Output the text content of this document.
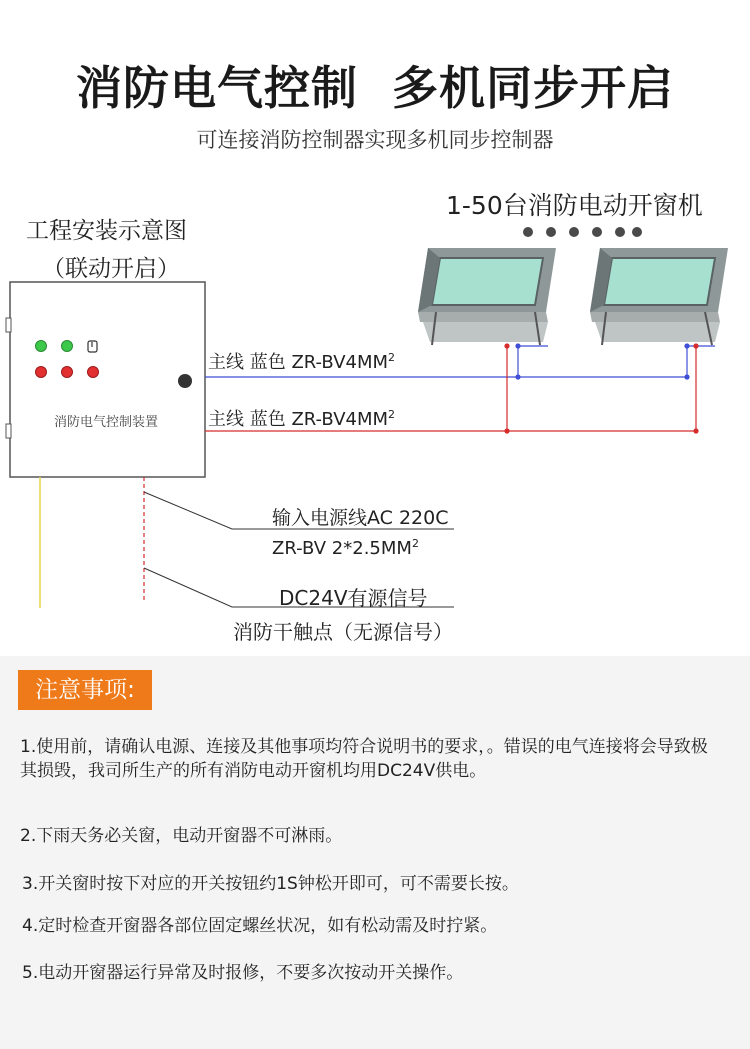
消防电气控制  多机同步开启
可连接消防控制器实现多机同步控制器
1-50台消防电动开窗机
工程安装示意图
（联动开启）
消防电气控制装置
主线 蓝色 $ZR-BV4MM^2$
主线 蓝色 $ZR-BV4MM^2$
输入电源线AC 220C
ZR-BV $2*2.5MM^2$
DC24V有源信号
消防干触点（无源信号）
注意事项:
1.使用前，请确认电源、连接及其他事项均符合说明书的要求，。错误的电气连接将会导致极其损毁，我司所生产的所有消防电动开窗机均用DC24V供电。
2.下雨天务必关窗，电动开窗器不可淋雨。
3.开关窗时按下对应的开关按钮约1S钟松开即可，可不需要长按。
4.定时检查开窗器各部位固定螺丝状况，如有松动需及时拧紧。
5.电动开窗器运行异常及时报修，不要多次按动开关操作。
